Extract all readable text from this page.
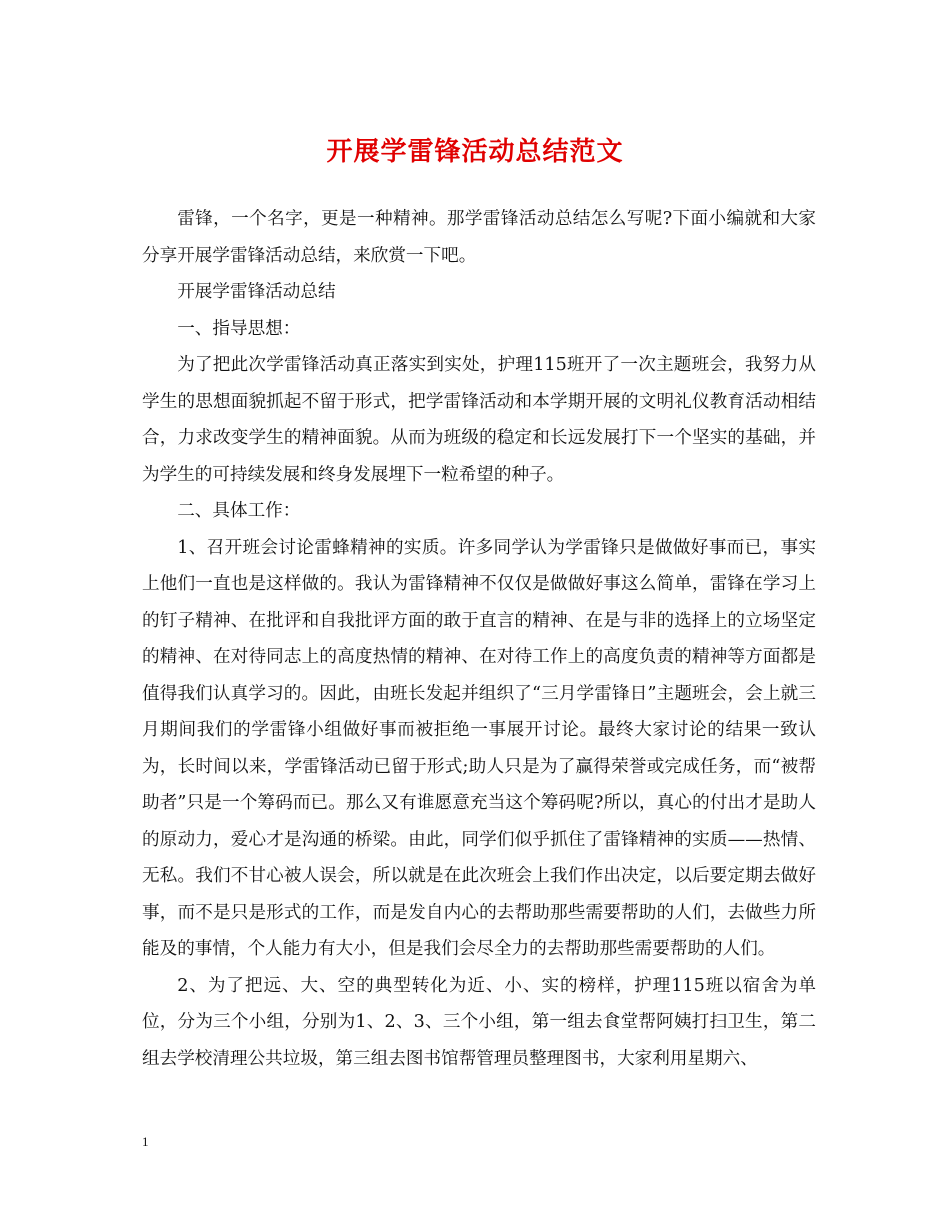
开展学雷锋活动总结范文

雷锋，一个名字，更是一种精神。那学雷锋活动总结怎么写呢?下面小编就和大家分享开展学雷锋活动总结，来欣赏一下吧。

开展学雷锋活动总结

一、指导思想：

为了把此次学雷锋活动真正落实到实处，护理115班开了一次主题班会，我努力从学生的思想面貌抓起不留于形式，把学雷锋活动和本学期开展的文明礼仪教育活动相结合，力求改变学生的精神面貌。从而为班级的稳定和长远发展打下一个坚实的基础，并为学生的可持续发展和终身发展埋下一粒希望的种子。

二、具体工作：

1、召开班会讨论雷蜂精神的实质。许多同学认为学雷锋只是做做好事而已，事实上他们一直也是这样做的。我认为雷锋精神不仅仅是做做好事这么简单，雷锋在学习上的钉子精神、在批评和自我批评方面的敢于直言的精神、在是与非的选择上的立场坚定的精神、在对待同志上的高度热情的精神、在对待工作上的高度负责的精神等方面都是值得我们认真学习的。因此，由班长发起并组织了“三月学雷锋日”主题班会，会上就三月期间我们的学雷锋小组做好事而被拒绝一事展开讨论。最终大家讨论的结果一致认为，长时间以来，学雷锋活动已留于形式;助人只是为了赢得荣誉或完成任务，而“被帮助者”只是一个筹码而已。那么又有谁愿意充当这个筹码呢?所以，真心的付出才是助人的原动力，爱心才是沟通的桥梁。由此，同学们似乎抓住了雷锋精神的实质——热情、无私。我们不甘心被人误会，所以就是在此次班会上我们作出决定，以后要定期去做好事，而不是只是形式的工作，而是发自内心的去帮助那些需要帮助的人们，去做些力所能及的事情，个人能力有大小，但是我们会尽全力的去帮助那些需要帮助的人们。

2、为了把远、大、空的典型转化为近、小、实的榜样，护理115班以宿舍为单位，分为三个小组，分别为1、2、3、三个小组，第一组去食堂帮阿姨打扫卫生，第二组去学校清理公共垃圾，第三组去图书馆帮管理员整理图书，大家利用星期六、

1
